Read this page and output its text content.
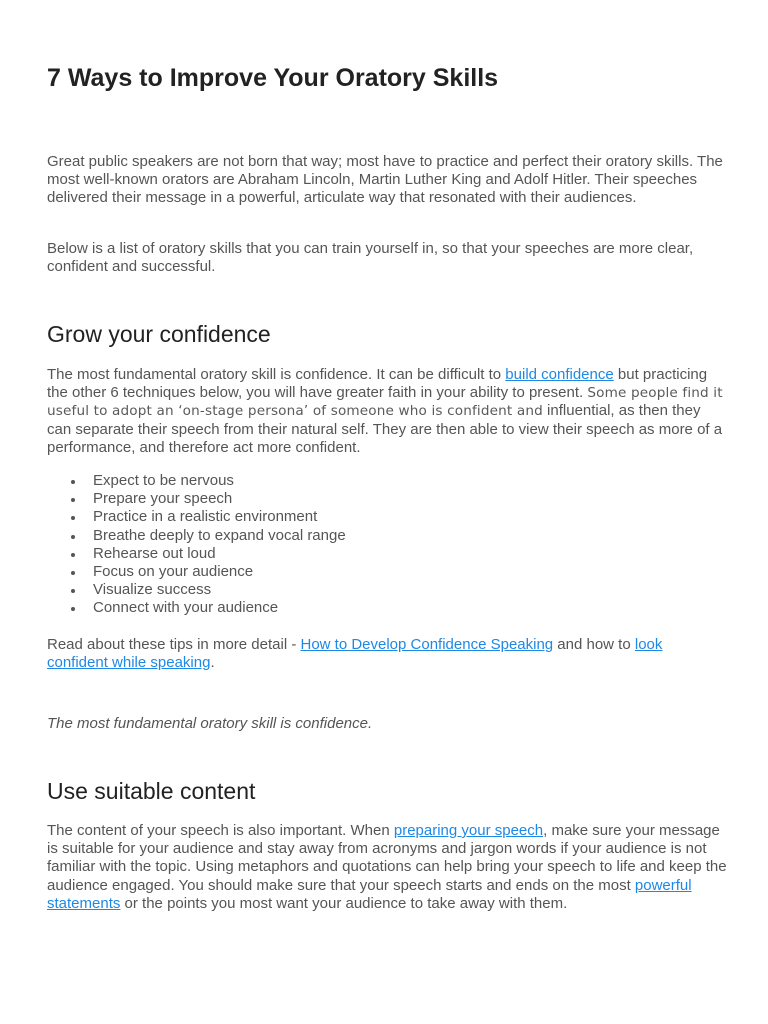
7 Ways to Improve Your Oratory Skills

Great public speakers are not born that way; most have to practice and perfect their oratory skills. The most well-known orators are Abraham Lincoln, Martin Luther King and Adolf Hitler. Their speeches delivered their message in a powerful, articulate way that resonated with their audiences.

Below is a list of oratory skills that you can train yourself in, so that your speeches are more clear, confident and successful.

Grow your confidence

The most fundamental oratory skill is confidence. It can be difficult to build confidence but practicing the other 6 techniques below, you will have greater faith in your ability to present. Some people find it useful to adopt an ‘on-stage persona’ of someone who is confident and influential, as then they can separate their speech from their natural self. They are then able to view their speech as more of a performance, and therefore act more confident.

Expect to be nervous
Prepare your speech
Practice in a realistic environment
Breathe deeply to expand vocal range
Rehearse out loud
Focus on your audience
Visualize success
Connect with your audience

Read about these tips in more detail - How to Develop Confidence Speaking and how to look confident while speaking.

The most fundamental oratory skill is confidence.

Use suitable content

The content of your speech is also important. When preparing your speech, make sure your message is suitable for your audience and stay away from acronyms and jargon words if your audience is not familiar with the topic. Using metaphors and quotations can help bring your speech to life and keep the audience engaged. You should make sure that your speech starts and ends on the most powerful statements or the points you most want your audience to take away with them.
